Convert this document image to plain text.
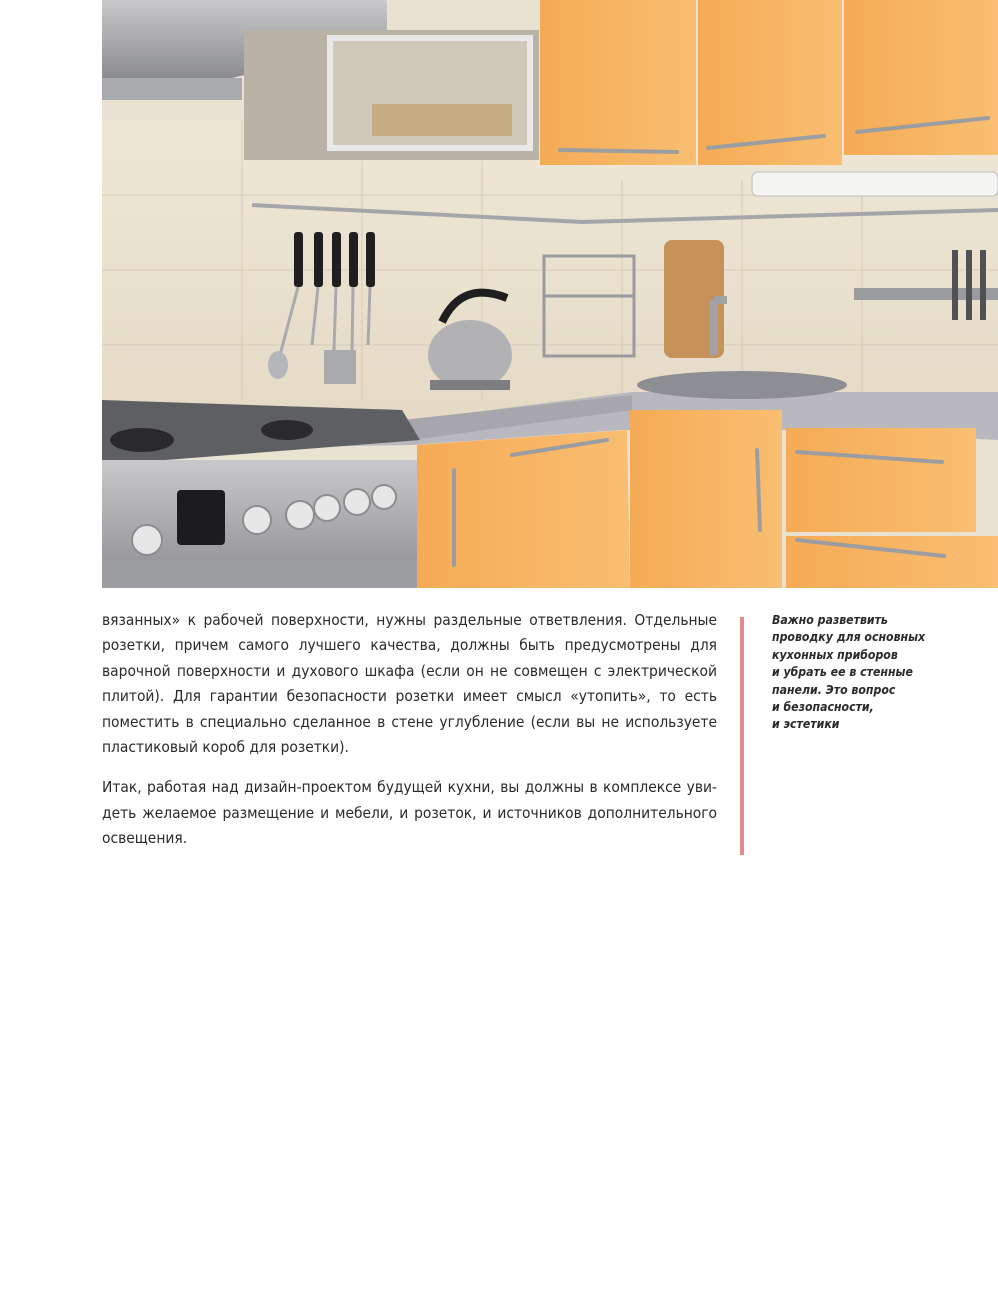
вязанных» к рабочей поверхности, нужны раздельные ответвления. Отдельные розетки, причем самого лучшего качества, должны быть предусмотрены для варочной поверхности и духового шкафа (если он не совмещен с электрической плитой). Для гарантии безопасности розетки имеет смысл «утопить», то есть поместить в специально сделанное в стене углубление (если вы не используете пластиковый короб для розетки).

Итак, работая над дизайн-проектом будущей кухни, вы должны в комплексе уви-деть желаемое размещение и мебели, и розеток, и источников дополнительного освещения.

Важно разветвить
проводку для основных
кухонных приборов
и убрать ее в стенные
панели. Это вопрос
и безопасности,
и эстетики
